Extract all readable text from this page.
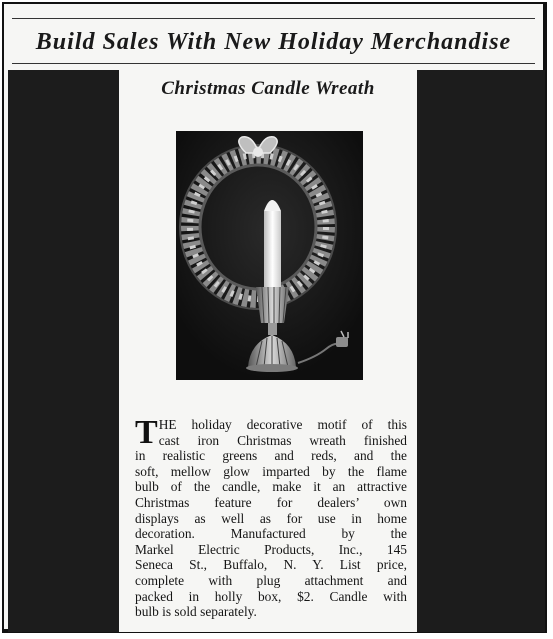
Build Sales With New Holiday Merchandise
Christmas Candle Wreath
T HE holiday decorative motif of this
cast iron Christmas wreath finished
in realistic greens and reds, and the
soft, mellow glow imparted by the flame
bulb of the candle, make it an attractive
Christmas feature for dealers’ own
displays as well as for use in home
decoration. Manufactured by the
Markel Electric Products, Inc., 145
Seneca St., Buffalo, N. Y. List price,
complete with plug attachment and
packed in holly box, $2. Candle with
bulb is sold separately.
